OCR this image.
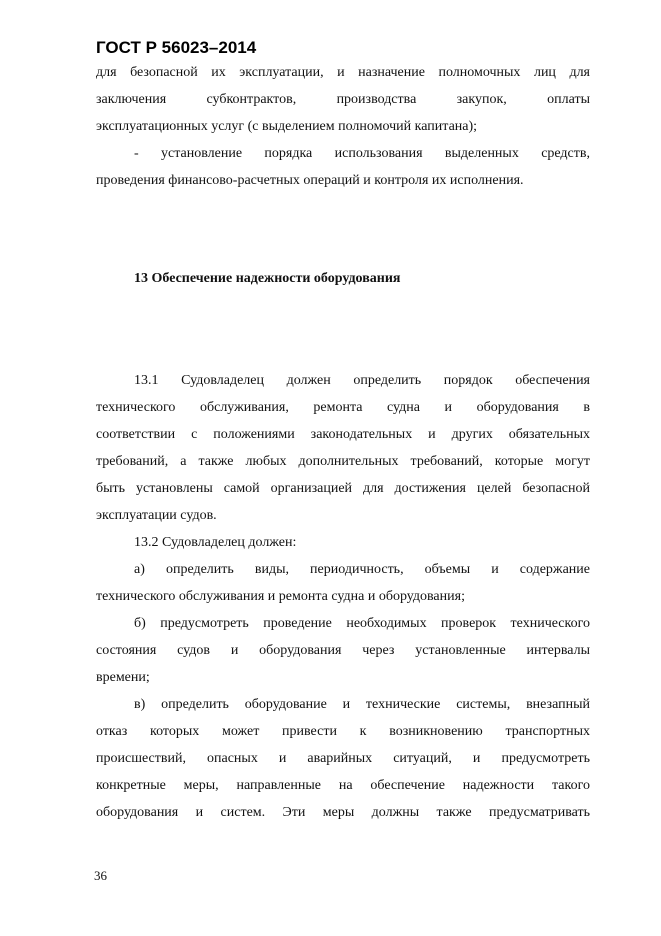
ГОСТ Р 56023–2014
для безопасной их эксплуатации, и назначение полномочных лиц для
заключения субконтрактов, производства закупок, оплаты
эксплуатационных услуг (с выделением полномочий капитана);
- установление порядка использования выделенных средств,
проведения финансово-расчетных операций и контроля их исполнения.
13 Обеспечение надежности оборудования
13.1 Судовладелец должен определить порядок обеспечения
технического обслуживания, ремонта судна и оборудования в
соответствии с положениями законодательных и других обязательных
требований, а также любых дополнительных требований, которые могут
быть установлены самой организацией для достижения целей безопасной
эксплуатации судов.
13.2 Судовладелец должен:
а) определить виды, периодичность, объемы и содержание
технического обслуживания и ремонта судна и оборудования;
б) предусмотреть проведение необходимых проверок технического
состояния судов и оборудования через установленные интервалы
времени;
в) определить оборудование и технические системы, внезапный
отказ которых может привести к возникновению транспортных
происшествий, опасных и аварийных ситуаций, и предусмотреть
конкретные меры, направленные на обеспечение надежности такого
оборудования и систем. Эти меры должны также предусматривать
36
